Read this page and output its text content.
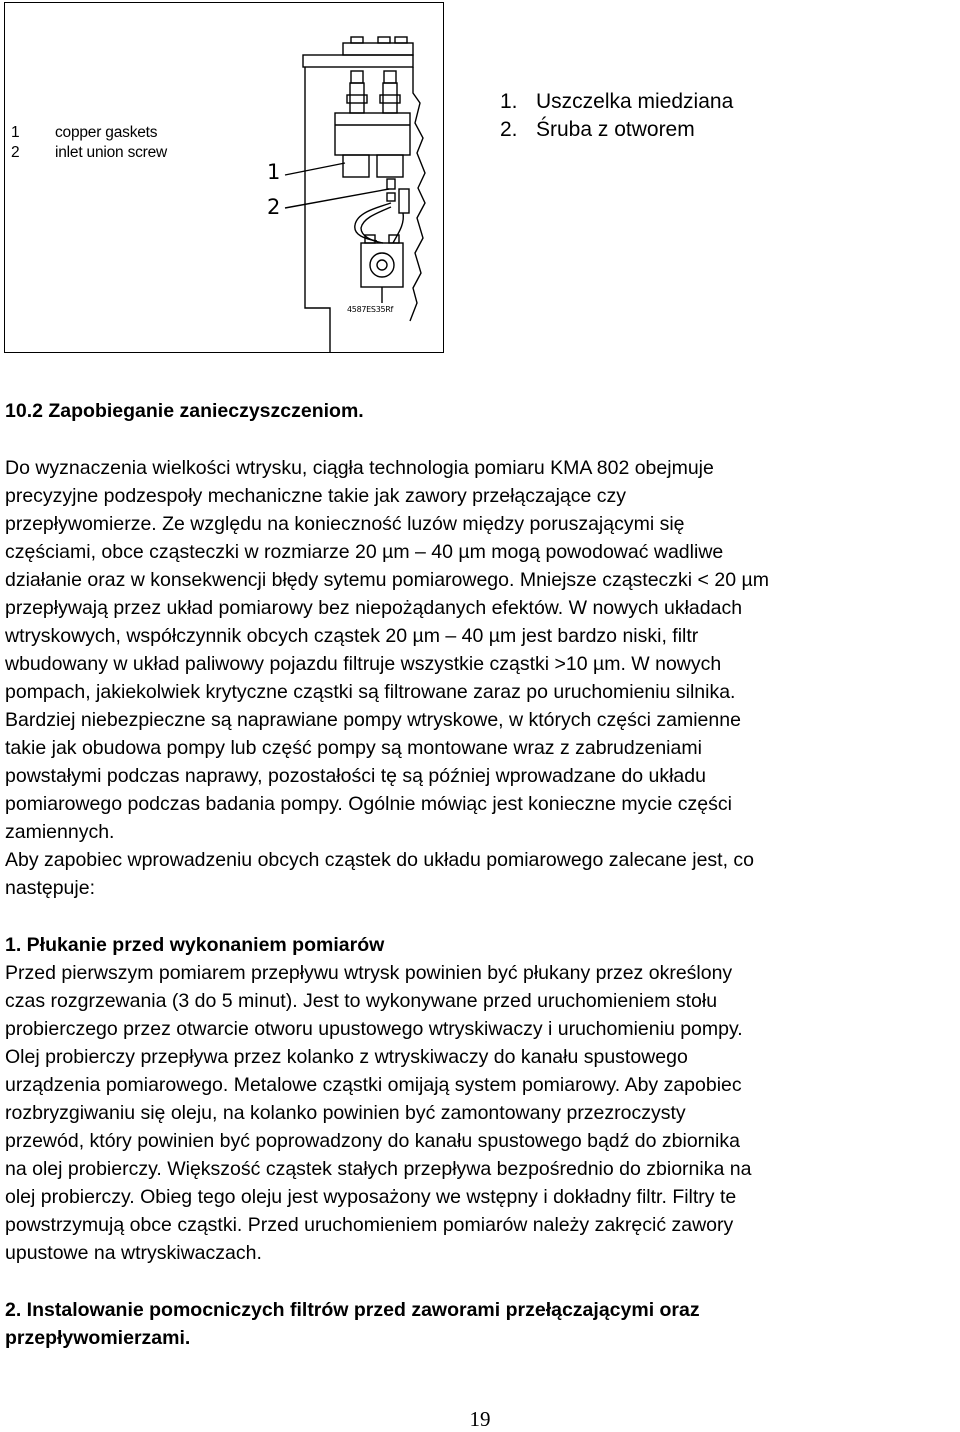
1	copper gaskets
2	inlet union screw
1
2
4587ES35Rf
1. Uszczelka miedziana
2. Śruba z otworem
10.2 Zapobieganie zanieczyszczeniom.
Do wyznaczenia wielkości wtrysku, ciągła technologia pomiaru KMA 802 obejmuje
precyzyjne podzespoły mechaniczne takie jak zawory przełączające czy
przepływomierze. Ze względu na konieczność luzów między poruszającymi się
częściami, obce cząsteczki w rozmiarze 20 µm – 40 µm mogą powodować wadliwe
działanie oraz w konsekwencji błędy sytemu pomiarowego. Mniejsze cząsteczki < 20 µm
przepływają przez układ pomiarowy bez niepożądanych efektów. W nowych układach
wtryskowych, współczynnik obcych cząstek 20 µm – 40 µm jest bardzo niski, filtr
wbudowany w układ paliwowy pojazdu filtruje wszystkie cząstki >10 µm. W nowych
pompach, jakiekolwiek krytyczne cząstki są filtrowane zaraz po uruchomieniu silnika.
Bardziej niebezpieczne są naprawiane pompy wtryskowe, w których części zamienne
takie jak obudowa pompy lub część pompy są montowane wraz z zabrudzeniami
powstałymi podczas naprawy, pozostałości tę są później wprowadzane do układu
pomiarowego podczas badania pompy. Ogólnie mówiąc jest konieczne mycie części
zamiennych.
Aby zapobiec wprowadzeniu obcych cząstek do układu pomiarowego zalecane jest, co
następuje:
1. Płukanie przed wykonaniem pomiarów
Przed pierwszym pomiarem przepływu wtrysk powinien być płukany przez określony
czas rozgrzewania (3 do 5 minut). Jest to wykonywane przed uruchomieniem stołu
probierczego przez otwarcie otworu upustowego wtryskiwaczy i uruchomieniu pompy.
Olej probierczy przepływa przez kolanko z wtryskiwaczy do kanału spustowego
urządzenia pomiarowego. Metalowe cząstki omijają system pomiarowy. Aby zapobiec
rozbryzgiwaniu się oleju, na kolanko powinien być zamontowany przezroczysty
przewód, który powinien być poprowadzony do kanału spustowego bądź do zbiornika
na olej probierczy. Większość cząstek stałych przepływa bezpośrednio do zbiornika na
olej probierczy. Obieg tego oleju jest wyposażony we wstępny i dokładny filtr. Filtry te
powstrzymują obce cząstki. Przed uruchomieniem pomiarów należy zakręcić zawory
upustowe na wtryskiwaczach.
2. Instalowanie pomocniczych filtrów przed zaworami przełączającymi oraz
przepływomierzami.
19
